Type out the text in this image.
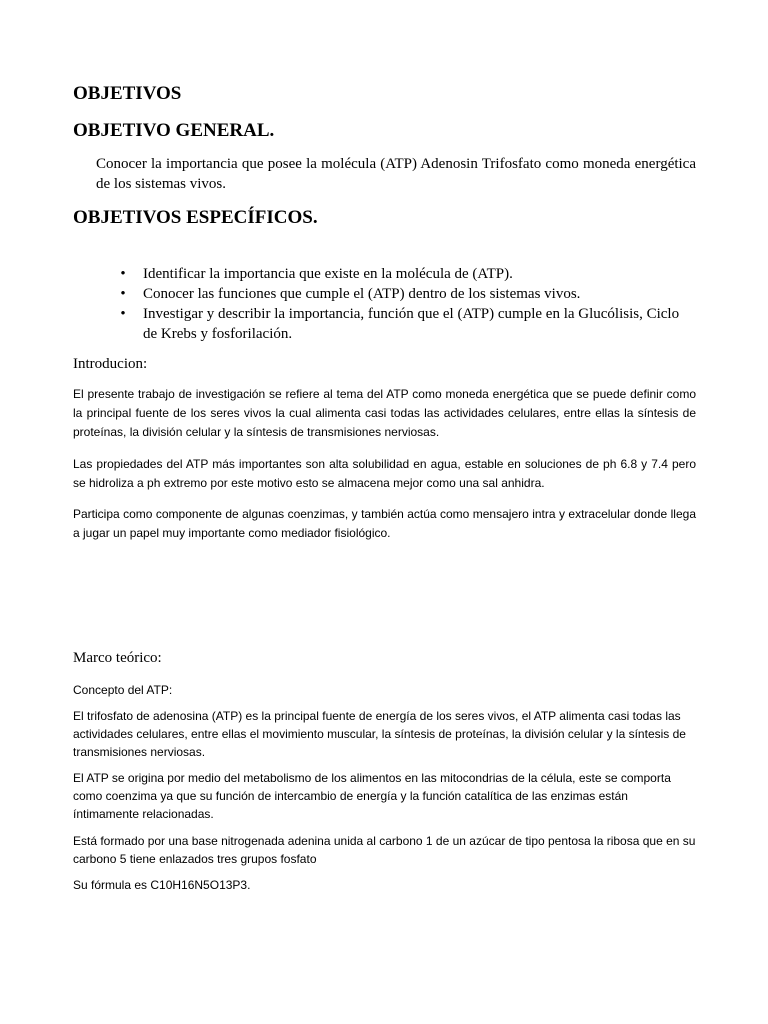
OBJETIVOS
OBJETIVO GENERAL.
Conocer la importancia que posee la molécula (ATP) Adenosin Trifosfato como moneda energética de los sistemas vivos.
OBJETIVOS ESPECÍFICOS.
• Identificar la importancia que existe en la molécula de (ATP).
• Conocer las funciones que cumple el (ATP) dentro de los sistemas vivos.
• Investigar y describir la importancia, función que el (ATP) cumple en la Glucólisis, Ciclo de Krebs y fosforilación.
Introducion:
El presente trabajo de investigación se refiere al tema del ATP como moneda energética que se puede definir como la principal fuente de los seres vivos la cual alimenta casi todas las actividades celulares, entre ellas la síntesis de proteínas, la división celular y la síntesis de transmisiones nerviosas.
Las propiedades del ATP más importantes son alta solubilidad en agua, estable en soluciones de ph 6.8 y 7.4 pero se hidroliza a ph extremo por este motivo esto se almacena mejor como una sal anhidra.
Participa como componente de algunas coenzimas, y también actúa como mensajero intra y extracelular donde llega a jugar un papel muy importante como mediador fisiológico.
Marco teórico:
Concepto del ATP:
El trifosfato de adenosina (ATP) es la principal fuente de energía de los seres vivos, el ATP alimenta casi todas las actividades celulares, entre ellas el movimiento muscular, la síntesis de proteínas, la división celular y la síntesis de transmisiones nerviosas.
El ATP se origina por medio del metabolismo de los alimentos en las mitocondrias de la célula, este se comporta como coenzima ya que su función de intercambio de energía y la función catalítica de las enzimas están íntimamente relacionadas.
Está formado por una base nitrogenada adenina unida al carbono 1 de un azúcar de tipo pentosa la ribosa que en su carbono 5 tiene enlazados tres grupos fosfato
Su fórmula es C10H16N5O13P3.
